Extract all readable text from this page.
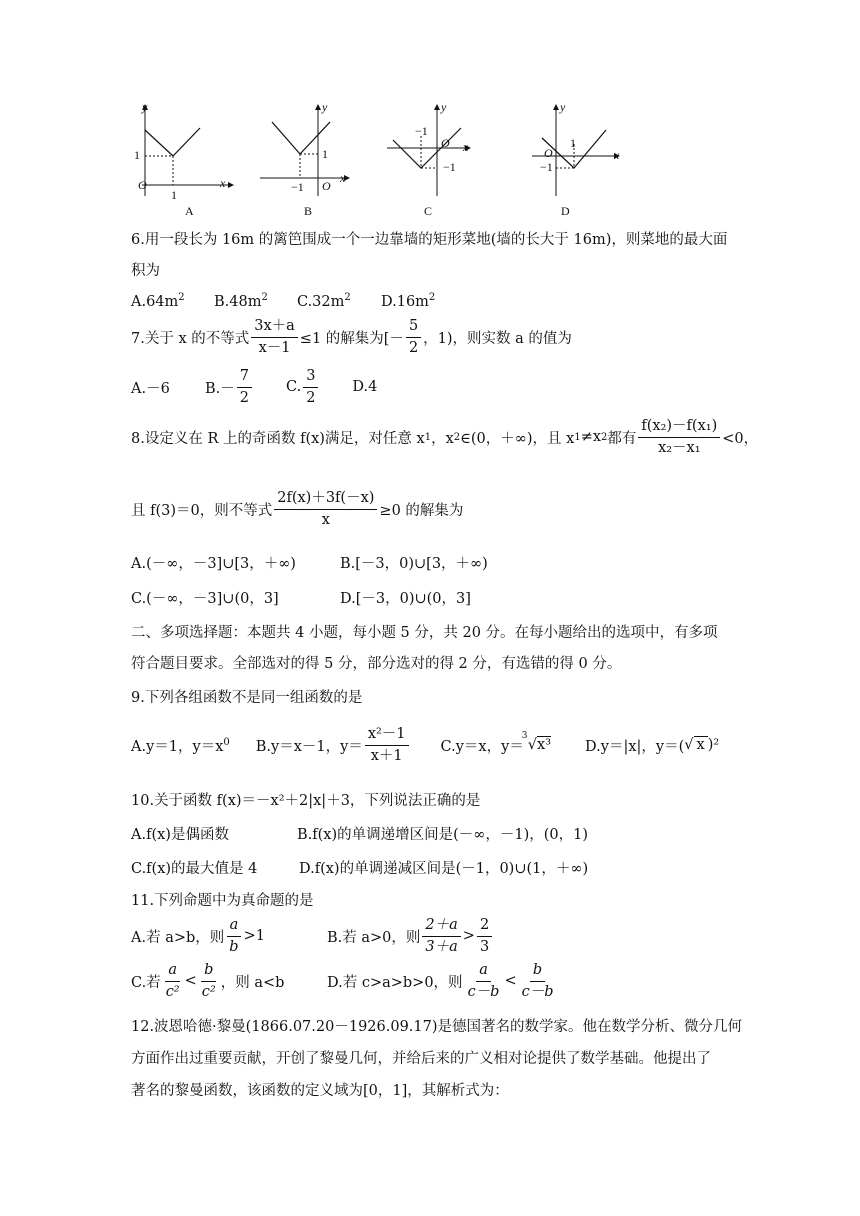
y
x
O
1
1
A
y
x
O
−1
1
B
y
x
O
−1
−1
C
y
x
O
1
−1
D
6.用一段长为 16m 的篱笆围成一个一边靠墙的矩形菜地(墙的长大于 16m)，则菜地的最大面
积为
$A.64m^2$ $B.48m^2$ $C.32m^2$ $D.16m^2$
7.关于 x 的不等式 $\frac{3x+a}{x-1} \le 1$ 的解集为[－ $\frac{5}{2}$ ，1)，则实数 a 的值为
A.－6	$B.- \frac{7}{2} C$. $\frac{3}{2} D.4$
8.设定义在 R 上的奇函数 f(x)满足，对任意 x 1 ，x 2 ∈(0，＋∞)，且 x 1 ≠x 2 都有 $\frac{\text{f(x₂)－f(x₁)}}{\text{x₂－x₁}} <0$，
且 f(3)＝0，则不等式 $\frac{2f(x)+3f(-x)}{x} \ge 0$ 的解集为
A.(－∞，－3]∪[3，＋∞)	B.[－3，0)∪[3，＋∞)
C.(－∞，－3]∪(0，3]	D.[－3，0)∪(0，3]
二、多项选择题：本题共 4 小题，每小题 5 分，共 20 分。在每小题给出的选项中，有多项
符合题目要求。全部选对的得 5 分，部分选对的得 2 分，有选错的得 0 分。
9.下列各组函数不是同一组函数的是
A.y＝1，$y=x^0$ B.y＝x－1，$y= \frac{\text{x²－1}}{x+1} C.y=x$，y＝
3
√x³ D.y＝|x|，y＝( √ x )²
10.关于函数 f(x)＝－x²＋2|x|＋3，下列说法正确的是
A.f(x)是偶函数	B.f(x)的单调递增区间是(－∞，－1)，(0，1)
C.f(x)的最大值是 4	D.f(x)的单调递减区间是(－1，0)∪(1，＋∞)
11.下列命题中为真命题的是
A.若 a>b，则 $\frac{a}{b} >1$	B.若 a>0，则 $\frac{2+a}{3+a} > \frac{2}{3}$
C.若 $\frac{a}{\text{c²}} < \frac{b}{\text{c²}}$ ，则 a<b	D.若 c>a>b>0，则 $\frac{a}{c-b} < \frac{b}{c-b}$
12.波恩哈德·黎曼(1866.07.20－1926.09.17)是德国著名的数学家。他在数学分析、微分几何
方面作出过重要贡献，开创了黎曼几何，并给后来的广义相对论提供了数学基础。他提出了
著名的黎曼函数，该函数的定义域为[0，1]，其解析式为：
